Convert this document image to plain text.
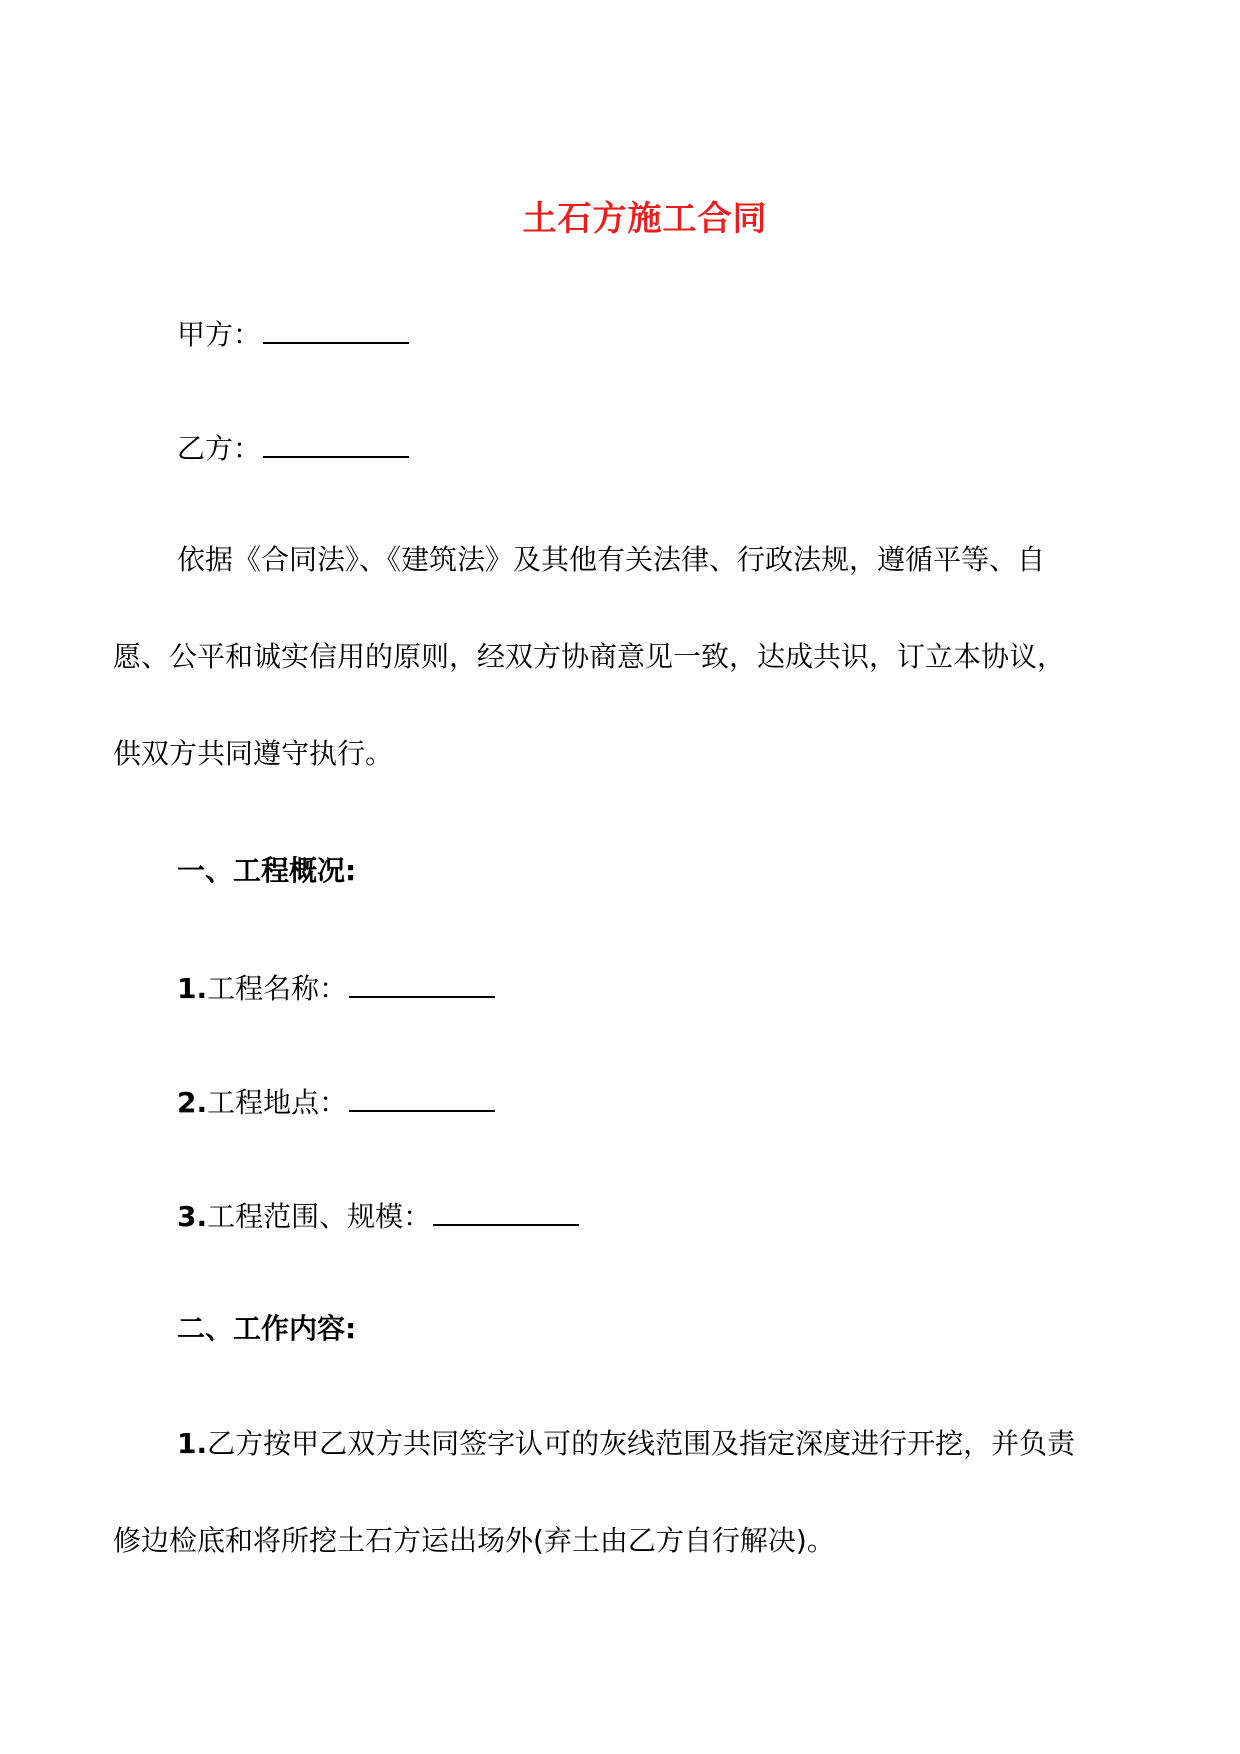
土石方施工合同
甲方：
乙方：
依据《合同法》、《建筑法》及其他有关法律、行政法规，遵循平等、自
愿、公平和诚实信用的原则，经双方协商意见一致，达成共识，订立本协议，
供双方共同遵守执行。
一、工程概况:
1.工程名称：
2.工程地点：
3.工程范围、规模：
二、工作内容:
1.乙方按甲乙双方共同签字认可的灰线范围及指定深度进行开挖，并负责
修边检底和将所挖土石方运出场外(弃土由乙方自行解决)。
